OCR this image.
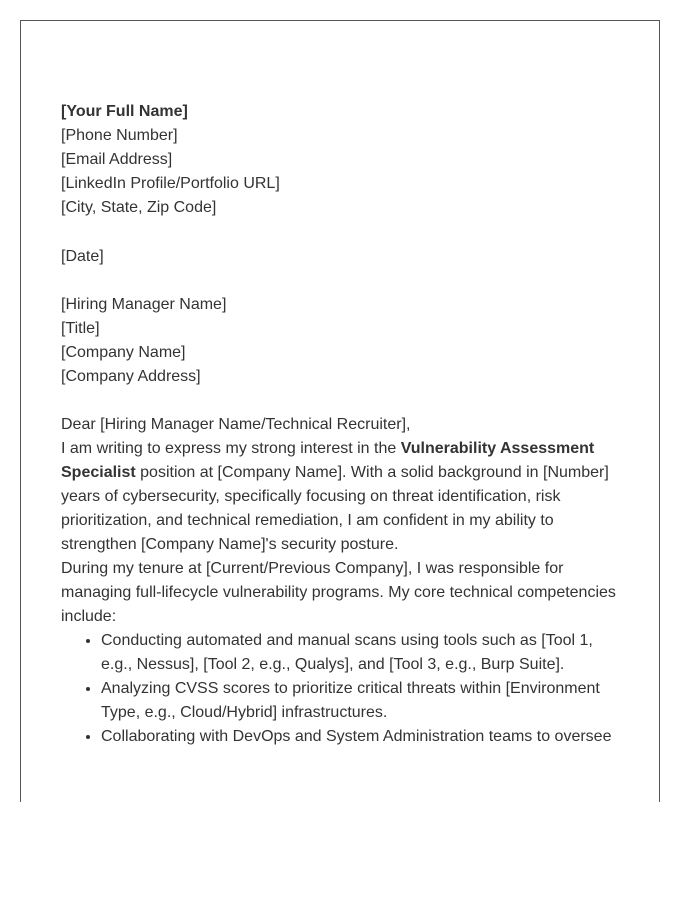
[Your Full Name]
[Phone Number]
[Email Address]
[LinkedIn Profile/Portfolio URL]
[City, State, Zip Code]
[Date]
[Hiring Manager Name]
[Title]
[Company Name]
[Company Address]
Dear [Hiring Manager Name/Technical Recruiter],

I am writing to express my strong interest in the Vulnerability Assessment Specialist position at [Company Name]. With a solid background in [Number] years of cybersecurity, specifically focusing on threat identification, risk prioritization, and technical remediation, I am confident in my ability to strengthen [Company Name]'s security posture.

During my tenure at [Current/Previous Company], I was responsible for managing full-lifecycle vulnerability programs. My core technical competencies include:

• Conducting automated and manual scans using tools such as [Tool 1, e.g., Nessus], [Tool 2, e.g., Qualys], and [Tool 3, e.g., Burp Suite].
• Analyzing CVSS scores to prioritize critical threats within [Environment Type, e.g., Cloud/Hybrid] infrastructures.
• Collaborating with DevOps and System Administration teams to oversee
